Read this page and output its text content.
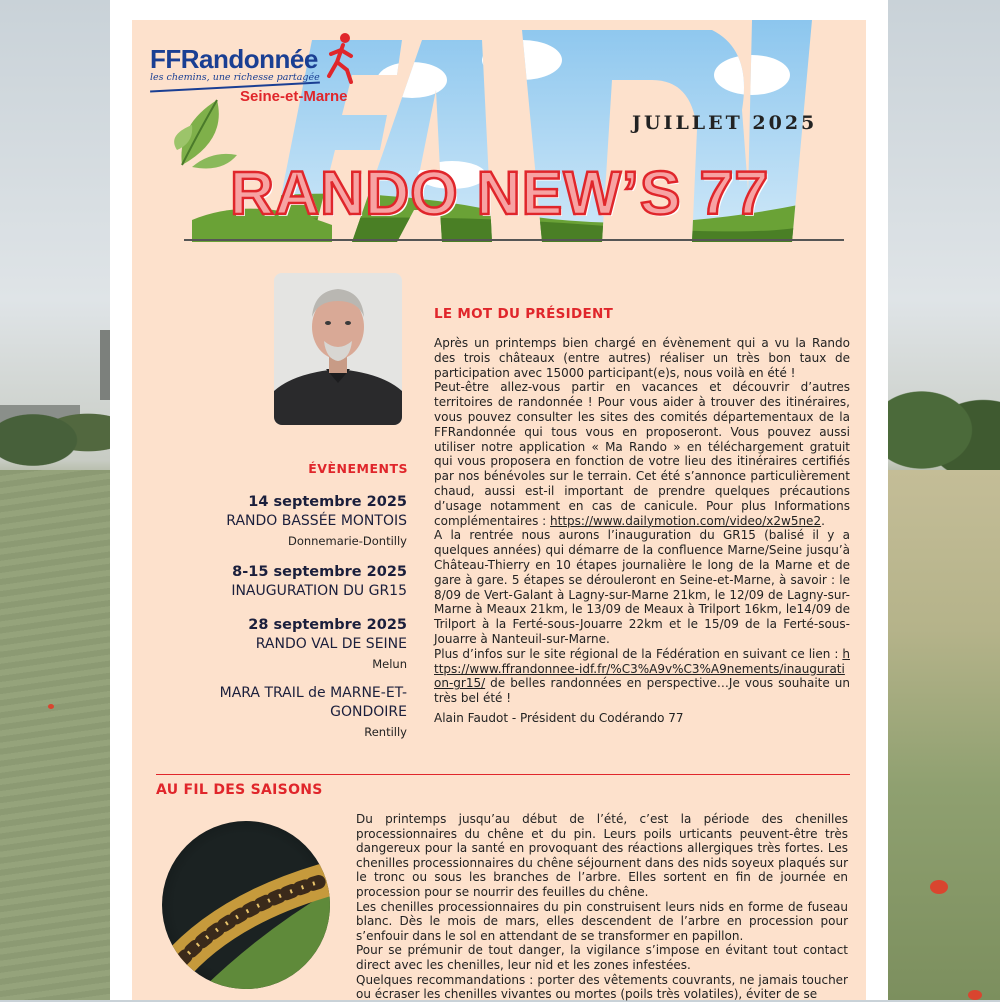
FFRandonnée
les chemins, une richesse partagée
Seine-et-Marne
JUILLET 2025
RANDO NEW’S 77
ÉVÈNEMENTS
14 septembre 2025
RANDO BASSÉE MONTOIS
Donnemarie-Dontilly
8-15 septembre 2025
INAUGURATION DU GR15
28 septembre 2025
RANDO VAL DE SEINE
Melun
MARA TRAIL de MARNE-ET-GONDOIRE
Rentilly
LE MOT DU PRÉSIDENT

Après un printemps bien chargé en évènement qui a vu la Rando des trois châteaux (entre autres) réaliser un très bon taux de participation avec 15000 participant(e)s, nous voilà en été !

Peut-être allez-vous partir en vacances et découvrir d’autres territoires de randonnée ! Pour vous aider à trouver des itinéraires, vous pouvez consulter les sites des comités départementaux de la FFRandonnée qui tous vous en proposeront. Vous pouvez aussi utiliser notre application « Ma Rando » en téléchargement gratuit qui vous proposera en fonction de votre lieu des itinéraires certifiés par nos bénévoles sur le terrain. Cet été s’annonce particulièrement chaud, aussi est-il important de prendre quelques précautions d’usage notamment en cas de canicule. Pour plus Informations complémentaires : https://www.dailymotion.com/video/x2w5ne2.

A la rentrée nous aurons l’inauguration du GR15 (balisé il y a quelques années) qui démarre de la confluence Marne/Seine jusqu’à Château-Thierry en 10 étapes journalière le long de la Marne et de gare à gare. 5 étapes se dérouleront en Seine-et-Marne, à savoir : le 8/09 de Vert-Galant à Lagny-sur-Marne 21km, le 12/09 de Lagny-sur-Marne à Meaux 21km, le 13/09 de Meaux à Trilport 16km, le14/09 de Trilport à la Ferté-sous-Jouarre 22km et le 15/09 de la Ferté-sous- Jouarre à Nanteuil-sur-Marne.

Plus d’infos sur le site régional de la Fédération en suivant ce lien : https://www.ffrandonnee-idf.fr/%C3%A9v%C3%A9nements/inauguration-gr15/ de belles randonnées en perspective…Je vous souhaite un très bel été !

Alain Faudot - Président du Codérando 77
AU FIL DES SAISONS

Du printemps jusqu’au début de l’été, c’est la période des chenilles processionnaires du chêne et du pin. Leurs poils urticants peuvent-être très dangereux pour la santé en provoquant des réactions allergiques très fortes. Les chenilles processionnaires du chêne séjournent dans des nids soyeux plaqués sur le tronc ou sous les branches de l’arbre. Elles sortent en fin de journée en procession pour se nourrir des feuilles du chêne.

Les chenilles processionnaires du pin construisent leurs nids en forme de fuseau blanc. Dès le mois de mars, elles descendent de l’arbre en procession pour s’enfouir dans le sol en attendant de se transformer en papillon.

Pour se prémunir de tout danger, la vigilance s’impose en évitant tout contact direct avec les chenilles, leur nid et les zones infestées.

Quelques recommandations : porter des vêtements couvrants, ne jamais toucher ou écraser les chenilles vivantes ou mortes (poils très volatiles), éviter de se
